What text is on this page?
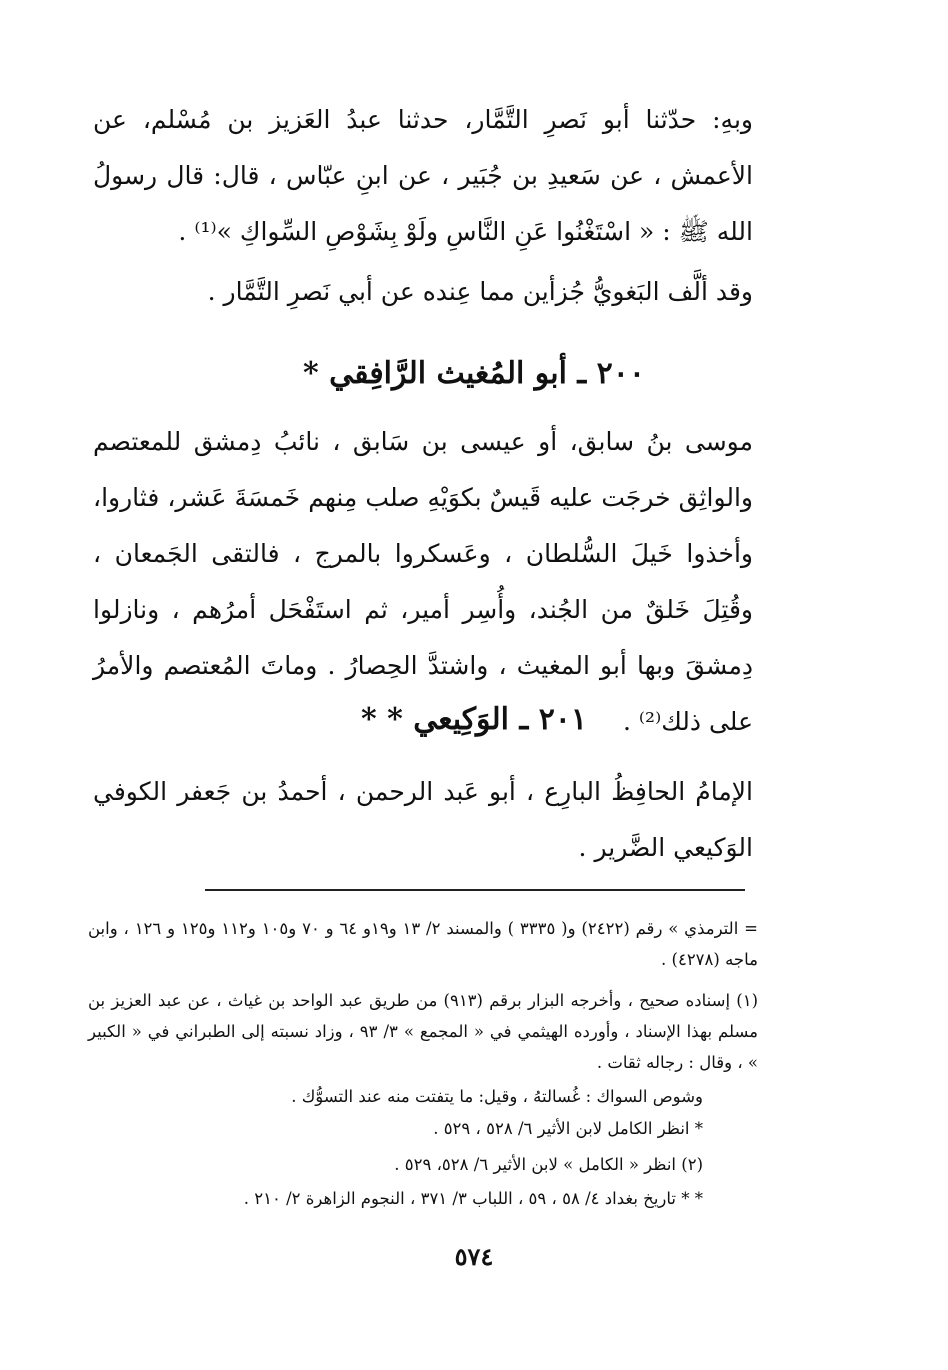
وبهِ: حدّثنا أبو نَصرِ التَّمَّار، حدثنا عبدُ العَزيز بن مُسْلم، عن الأعمش ، عن سَعيدِ بن جُبَير ، عن ابنِ عبّاس ، قال: قال رسولُ الله ﷺ : « اسْتَغْنُوا عَنِ النَّاسِ ولَوْ بِشَوْصِ السِّواكِ »⁽¹⁾ .

وقد ألَّف البَغويُّ جُزأين مما عِنده عن أبي نَصرِ التَّمَّار .

٢٠٠ ـ أبو المُغيث الرَّافِقي *

موسى بنُ سابق، أو عيسى بن سَابق ، نائبُ دِمشق للمعتصم والواثِق خرجَت عليه قَيسٌ بكوَيْهِ صلب مِنهم خَمسَةَ عَشر، فثاروا، وأخذوا خَيلَ السُّلطان ، وعَسكروا بالمرج ، فالتقى الجَمعان ، وقُتِلَ خَلقٌ من الجُند، وأُسِر أمير، ثم استَفْحَل أمرُهم ، ونازلوا دِمشقَ وبها أبو المغيث ، واشتدَّ الحِصارُ . وماتَ المُعتصم والأمرُ على ذلك⁽²⁾ .

٢٠١ ـ الوَكِيعي * *

الإمامُ الحافِظُ البارِع ، أبو عَبد الرحمن ، أحمدُ بن جَعفر الكوفي الوَكيعي الضَّرير .

= الترمذي » رقم (٢٤٢٢) و( ٣٣٣٥ ) والمسند ٢/ ١٣ و١٩و ٦٤ و ٧٠ و١٠٥ و١١٢ و١٢٥ و ١٢٦ ، وابن ماجه (٤٢٧٨) .

(١) إسناده صحيح ، وأخرجه البزار برقم (٩١٣) من طريق عبد الواحد بن غياث ، عن عبد العزيز بن مسلم بهذا الإسناد ، وأورده الهيثمي في « المجمع » ٣/ ٩٣ ، وزاد نسبته إلى الطبراني في « الكبير » ، وقال : رجاله ثقات .

وشوص السواك : غُسالتهُ ، وقيل: ما يتفتت منه عند التسوُّك .

* انظر الكامل لابن الأثير ٦/ ٥٢٨ ، ٥٢٩ .

(٢) انظر « الكامل » لابن الأثير ٦/ ٥٢٨، ٥٢٩ .

* * تاريخ بغداد ٤/ ٥٨ ، ٥٩ ، اللباب ٣/ ٣٧١ ، النجوم الزاهرة ٢/ ٢١٠ .

٥٧٤
